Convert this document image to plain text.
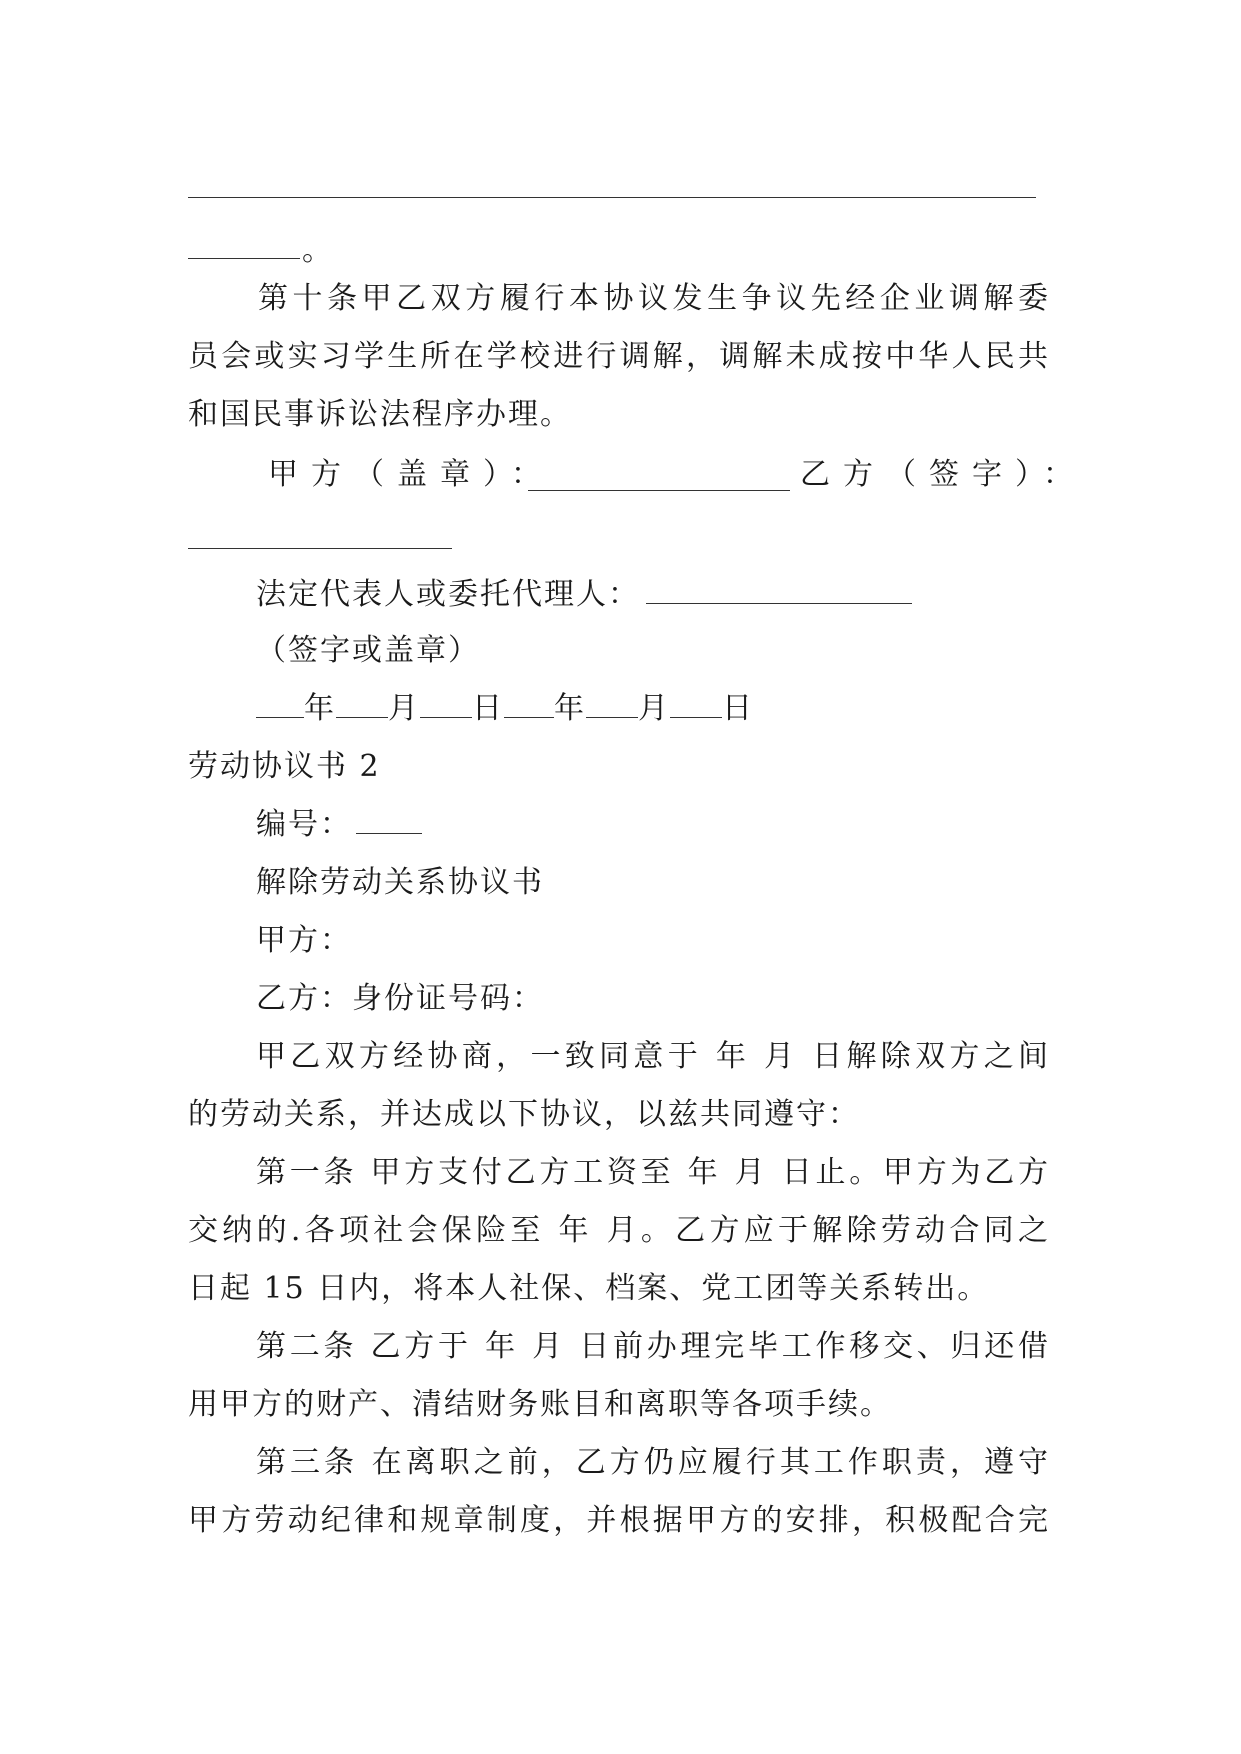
。
第十条甲乙双方履行本协议发生争议先经企业调解委
员会或实习学生所在学校进行调解，调解未成按中华人民共
和国民事诉讼法程序办理。
甲方（盖章）：	乙方（签字）：
法定代表人或委托代理人：
（签字或盖章）
年 月 日 年 月 日
劳动协议书 2
编号：
解除劳动关系协议书
甲方：
乙方：身份证号码：
甲乙双方经协商，一致同意于 年 月 日解除双方之间
的劳动关系，并达成以下协议，以兹共同遵守：
第一条 甲方支付乙方工资至 年 月 日止。甲方为乙方
交纳的.各项社会保险至 年 月。乙方应于解除劳动合同之
日起 15 日内，将本人社保、档案、党工团等关系转出。
第二条 乙方于 年 月 日前办理完毕工作移交、归还借
用甲方的财产、清结财务账目和离职等各项手续。
第三条 在离职之前，乙方仍应履行其工作职责，遵守
甲方劳动纪律和规章制度，并根据甲方的安排，积极配合完
